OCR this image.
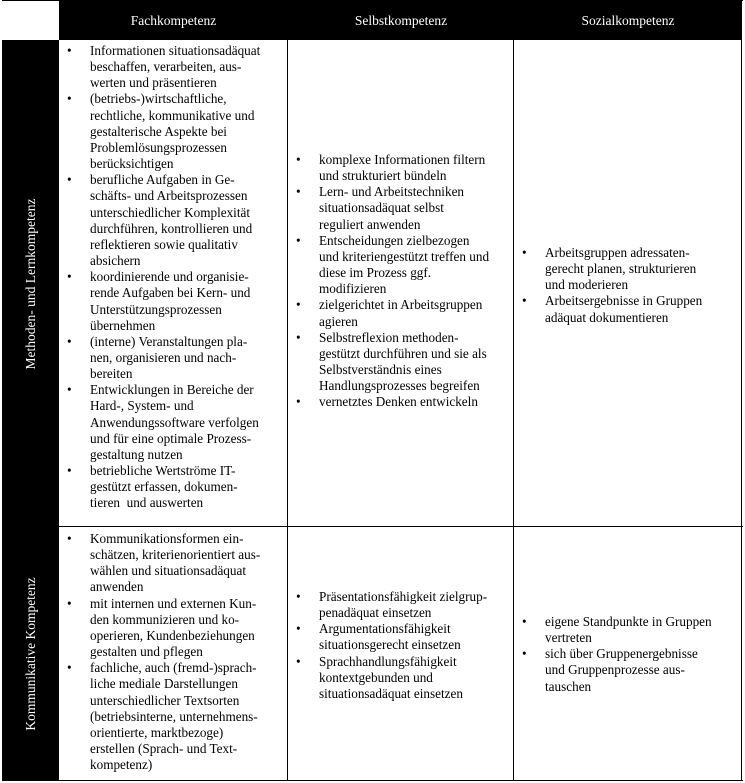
Fachkompetenz	Selbstkompetenz	Sozialkompetenz
Methoden- und Lernkompetenz
Kommunikative Kompetenz
• Informationen situationsadäquat
beschaffen, verarbeiten, aus-
werten und präsentieren
• (betriebs-)wirtschaftliche,
rechtliche, kommunikative und
gestalterische Aspekte bei
Problemlösungsprozessen
berücksichtigen
• berufliche Aufgaben in Ge-
schäfts- und Arbeitsprozessen
unterschiedlicher Komplexität
durchführen, kontrollieren und
reflektieren sowie qualitativ
absichern
• koordinierende und organisie-
rende Aufgaben bei Kern- und
Unterstützungsprozessen
übernehmen
• (interne) Veranstaltungen pla-
nen, organisieren und nach-
bereiten
• Entwicklungen in Bereiche der
Hard-, System- und
Anwendungssoftware verfolgen
und für eine optimale Prozess-
gestaltung nutzen
• betriebliche Wertströme IT-
gestützt erfassen, dokumen-
tieren  und auswerten
• komplexe Informationen filtern
und strukturiert bündeln
• Lern- und Arbeitstechniken
situationsadäquat selbst
reguliert anwenden
• Entscheidungen zielbezogen
und kriteriengestützt treffen und
diese im Prozess ggf.
modifizieren
• zielgerichtet in Arbeitsgruppen
agieren
• Selbstreflexion methoden-
gestützt durchführen und sie als
Selbstverständnis eines
Handlungsprozesses begreifen
• vernetztes Denken entwickeln
• Arbeitsgruppen adressaten-
gerecht planen, strukturieren
und moderieren
• Arbeitsergebnisse in Gruppen
adäquat dokumentieren
• Kommunikationsformen ein-
schätzen, kriterienorientiert aus-
wählen und situationsadäquat
anwenden
• mit internen und externen Kun-
den kommunizieren und ko-
operieren, Kundenbeziehungen
gestalten und pflegen
• fachliche, auch (fremd-)sprach-
liche mediale Darstellungen
unterschiedlicher Textsorten
(betriebsinterne, unternehmens-
orientierte, marktbezoge)
erstellen (Sprach- und Text-
kompetenz)
• Präsentationsfähigkeit zielgrup-
penadäquat einsetzen
• Argumentationsfähigkeit
situationsgerecht einsetzen
• Sprachhandlungsfähigkeit
kontextgebunden und
situationsadäquat einsetzen
• eigene Standpunkte in Gruppen
vertreten
• sich über Gruppenergebnisse
und Gruppenprozesse aus-
tauschen
